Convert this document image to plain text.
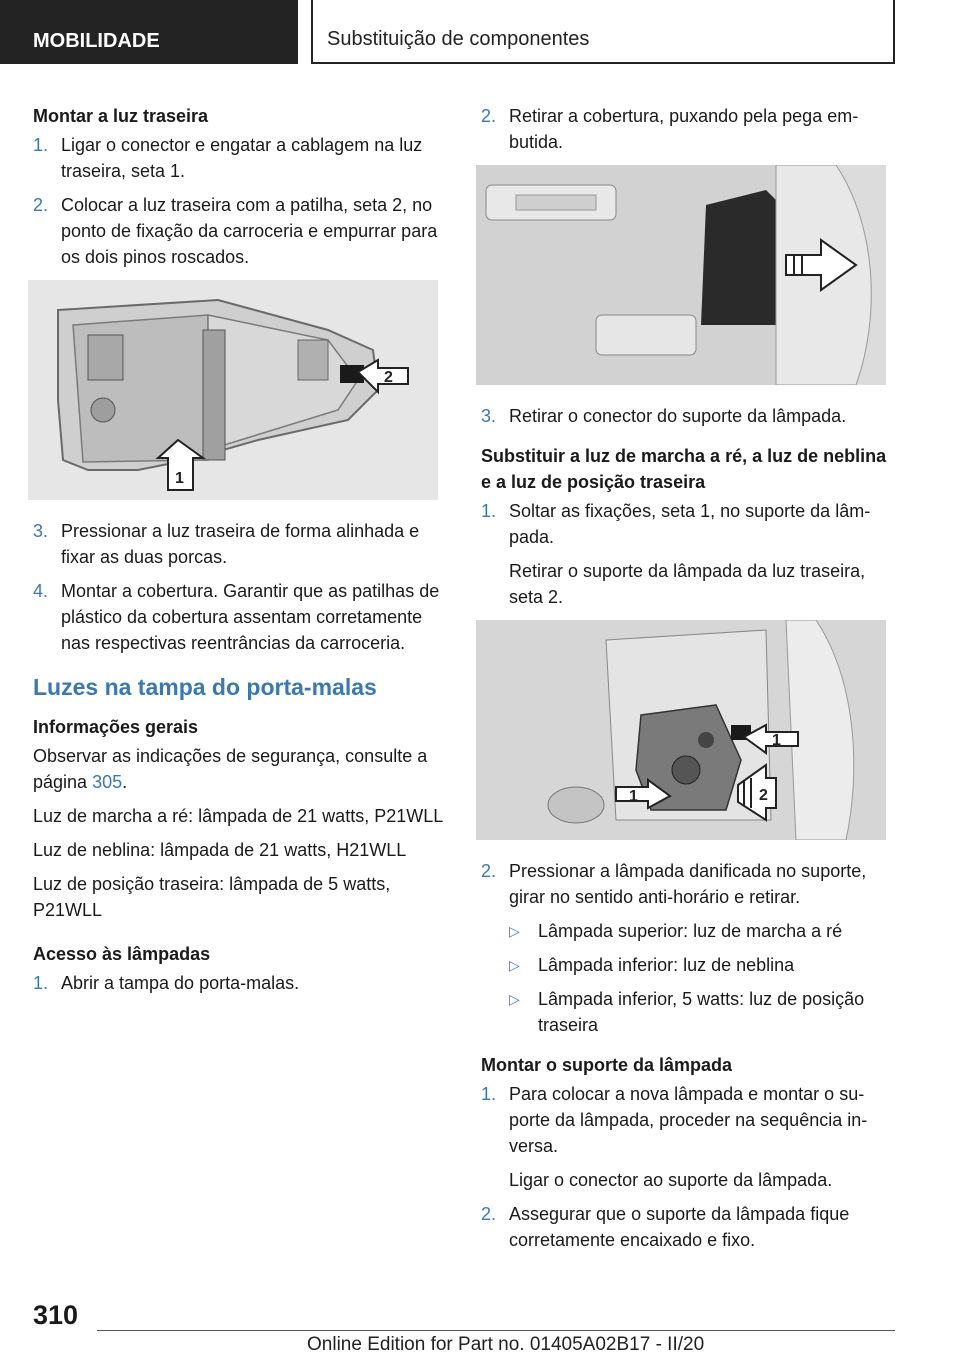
MOBILIDADE	Substituição de componentes
Montar a luz traseira
1. Ligar o conector e engatar a cablagem na luz traseira, seta 1.
2. Colocar a luz traseira com a patilha, seta 2, no ponto de fixação da carroceria e empurrar para os dois pinos roscados.
2
1
3. Pressionar a luz traseira de forma alinhada e fixar as duas porcas.
4. Montar a cobertura. Garantir que as patilhas de plástico da cobertura assentam corretamente nas respectivas reentrâncias da carroceria.
Luzes na tampa do porta-malas
Informações gerais
Observar as indicações de segurança, consulte a página 305.
Luz de marcha a ré: lâmpada de 21 watts, P21WLL
Luz de neblina: lâmpada de 21 watts, H21WLL
Luz de posição traseira: lâmpada de 5 watts, P21WLL
Acesso às lâmpadas
1. Abrir a tampa do porta-malas.
2. Retirar a cobertura, puxando pela pega embutida.
3. Retirar o conector do suporte da lâmpada.
Substituir a luz de marcha a ré, a luz de neblina e a luz de posição traseira
1. Soltar as fixações, seta 1, no suporte da lâmpada.
Retirar o suporte da lâmpada da luz traseira, seta 2.
1
1	2
2. Pressionar a lâmpada danificada no suporte, girar no sentido anti-horário e retirar.
▷ Lâmpada superior: luz de marcha a ré
▷ Lâmpada inferior: luz de neblina
▷ Lâmpada inferior, 5 watts: luz de posição traseira
Montar o suporte da lâmpada
1. Para colocar a nova lâmpada e montar o suporte da lâmpada, proceder na sequência inversa.
Ligar o conector ao suporte da lâmpada.
2. Assegurar que o suporte da lâmpada fique corretamente encaixado e fixo.
310
Online Edition for Part no. 01405A02B17 - II/20
